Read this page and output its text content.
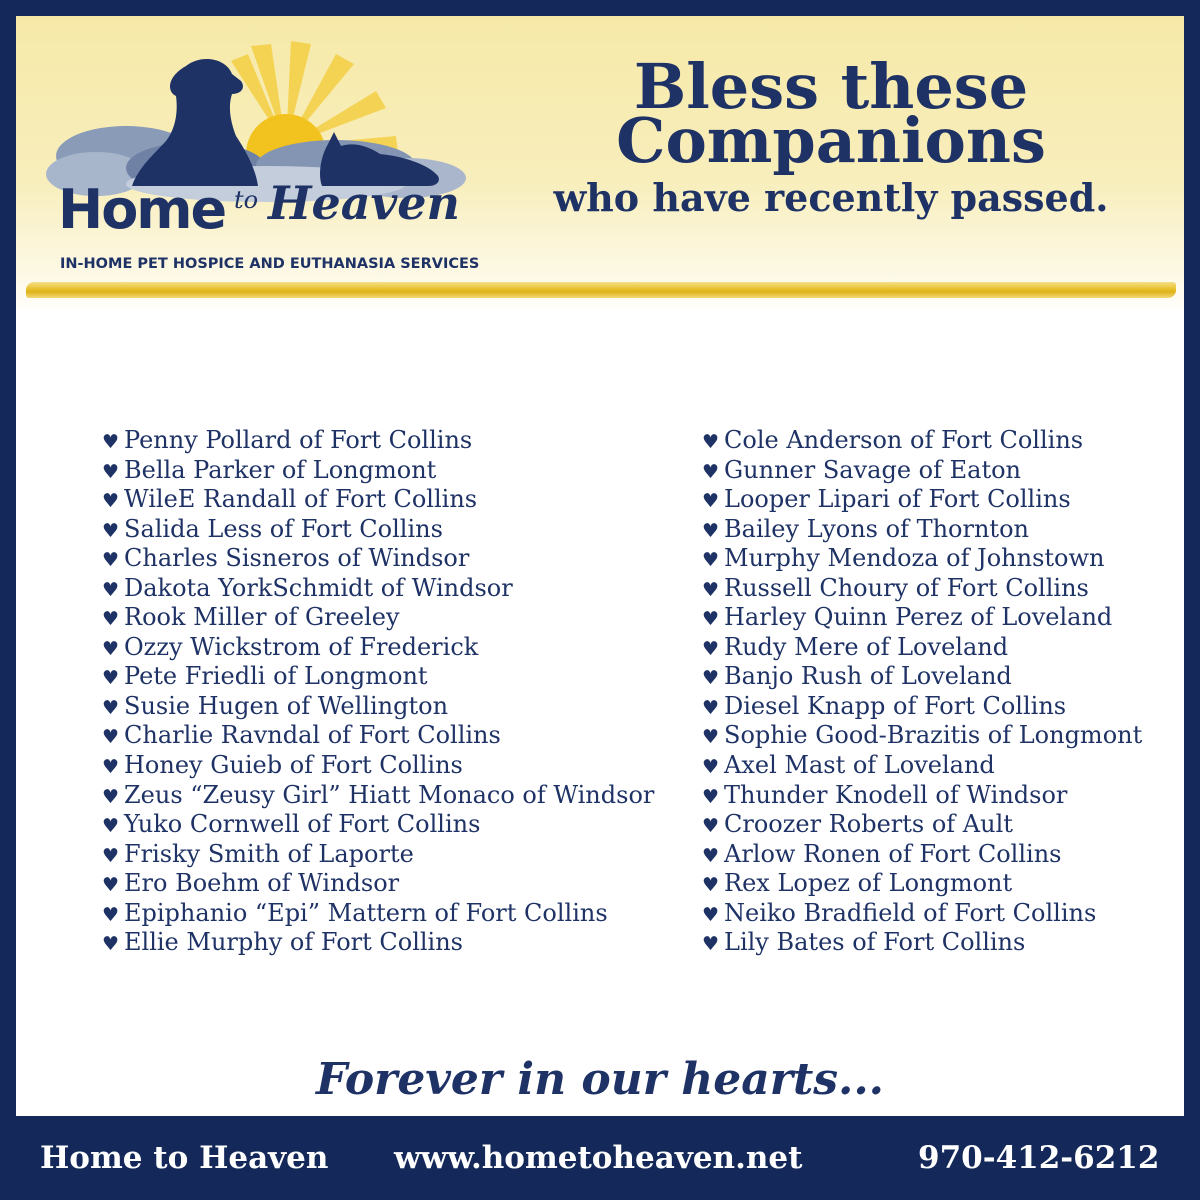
Home to Heaven
IN-HOME PET HOSPICE AND EUTHANASIA SERVICES
Bless these
Companions
who have recently passed.
♥ Penny Pollard of Fort Collins
♥ Bella Parker of Longmont
♥ WileE Randall of Fort Collins
♥ Salida Less of Fort Collins
♥ Charles Sisneros of Windsor
♥ Dakota YorkSchmidt of Windsor
♥ Rook Miller of Greeley
♥ Ozzy Wickstrom of Frederick
♥ Pete Friedli of Longmont
♥ Susie Hugen of Wellington
♥ Charlie Ravndal of Fort Collins
♥ Honey Guieb of Fort Collins
♥ Zeus “Zeusy Girl” Hiatt Monaco of Windsor
♥ Yuko Cornwell of Fort Collins
♥ Frisky Smith of Laporte
♥ Ero Boehm of Windsor
♥ Epiphanio “Epi” Mattern of Fort Collins
♥ Ellie Murphy of Fort Collins
♥ Cole Anderson of Fort Collins
♥ Gunner Savage of Eaton
♥ Looper Lipari of Fort Collins
♥ Bailey Lyons of Thornton
♥ Murphy Mendoza of Johnstown
♥ Russell Choury of Fort Collins
♥ Harley Quinn Perez of Loveland
♥ Rudy Mere of Loveland
♥ Banjo Rush of Loveland
♥ Diesel Knapp of Fort Collins
♥ Sophie Good-Brazitis of Longmont
♥ Axel Mast of Loveland
♥ Thunder Knodell of Windsor
♥ Croozer Roberts of Ault
♥ Arlow Ronen of Fort Collins
♥ Rex Lopez of Longmont
♥ Neiko Bradfield of Fort Collins
♥ Lily Bates of Fort Collins
Forever in our hearts...
Home to Heaven www.hometoheaven.net	970-412-6212
